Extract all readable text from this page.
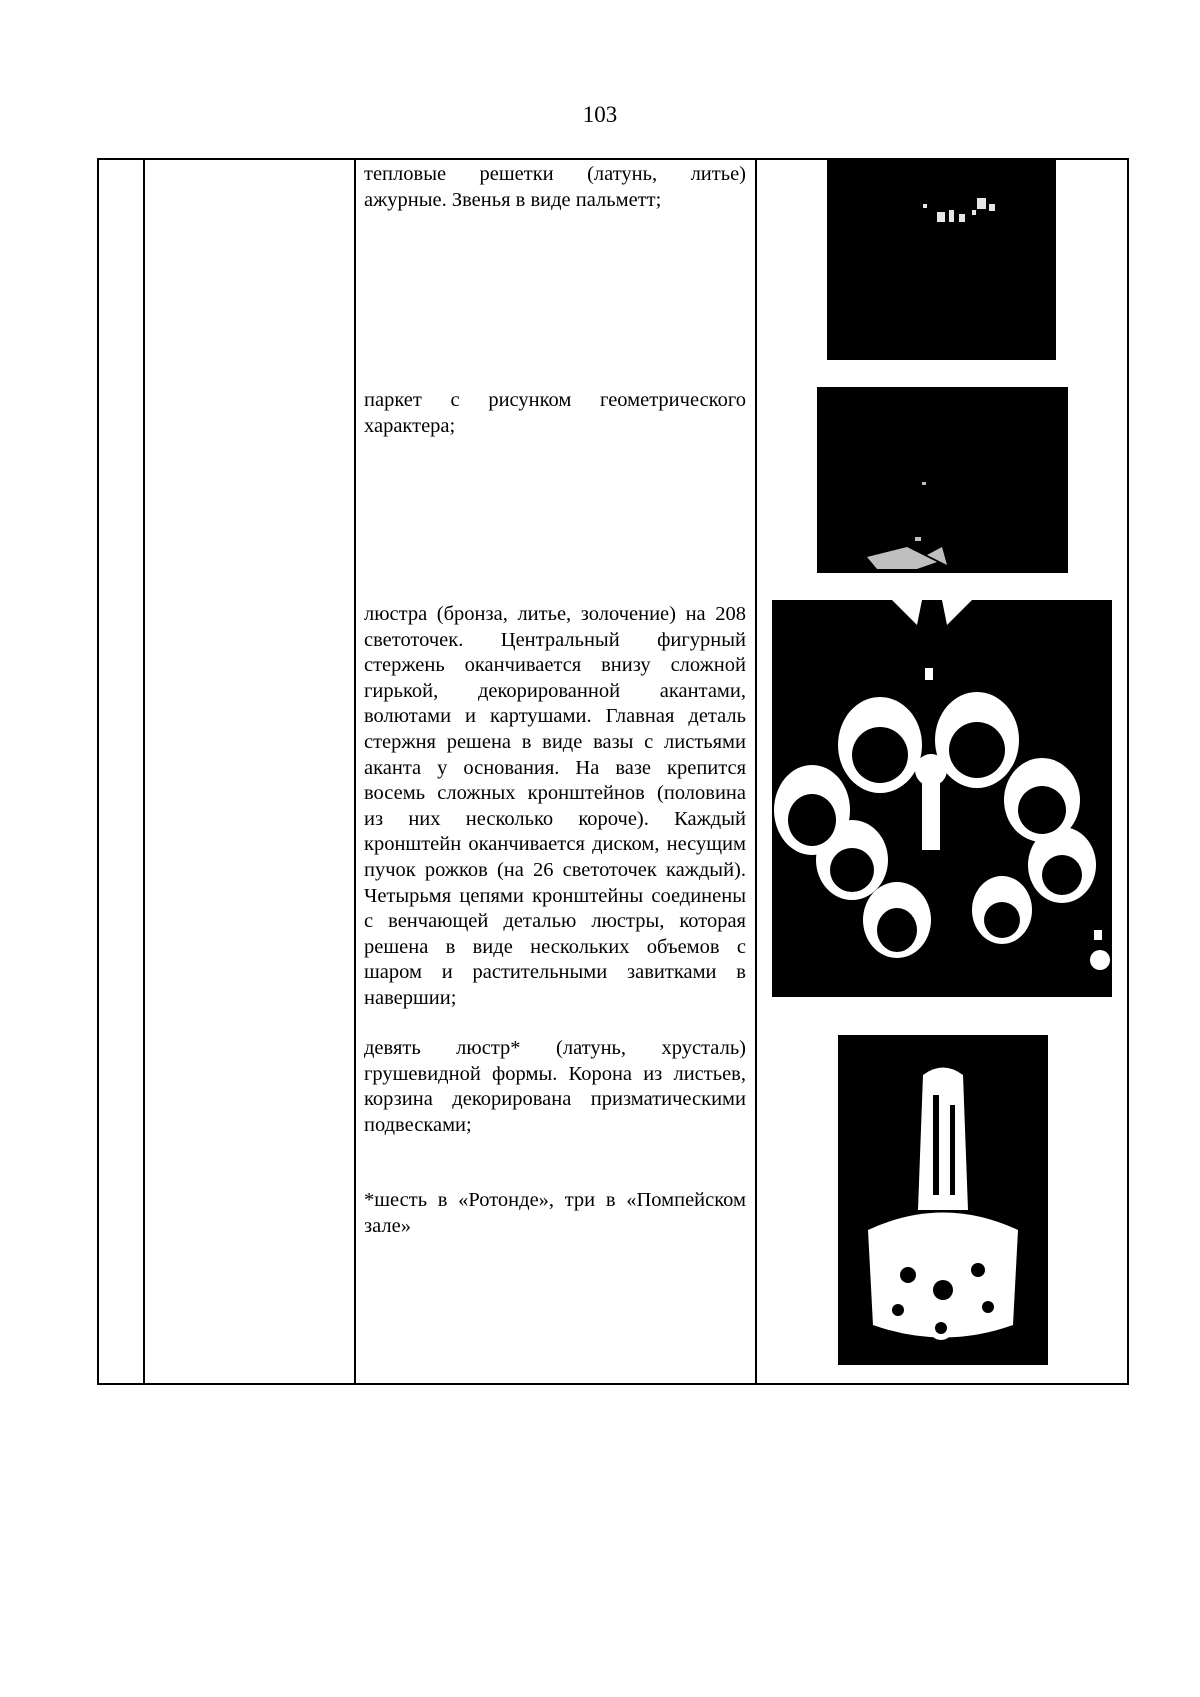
103
тепловые решетки (латунь, литье) ажурные. Звенья в виде пальметт;
паркет с рисунком геометрического характера;
люстра (бронза, литье, золочение) на 208 светоточек. Центральный фигурный стержень оканчивается внизу сложной гирькой, декорированной акантами, волютами и картушами. Главная деталь стержня решена в виде вазы с листьями аканта у основания. На вазе крепится восемь сложных кронштейнов (половина из них несколько короче). Каждый кронштейн оканчивается диском, несущим пучок рожков (на 26 светоточек каждый). Четырьмя цепями кронштейны соединены с венчающей деталью люстры, которая решена в виде нескольких объемов с шаром и растительными завитками в навершии;
девять люстр* (латунь, хрусталь) грушевидной формы. Корона из листьев, корзина декорирована призматическими подвесками;
*шесть в «Ротонде», три в «Помпейском зале»
